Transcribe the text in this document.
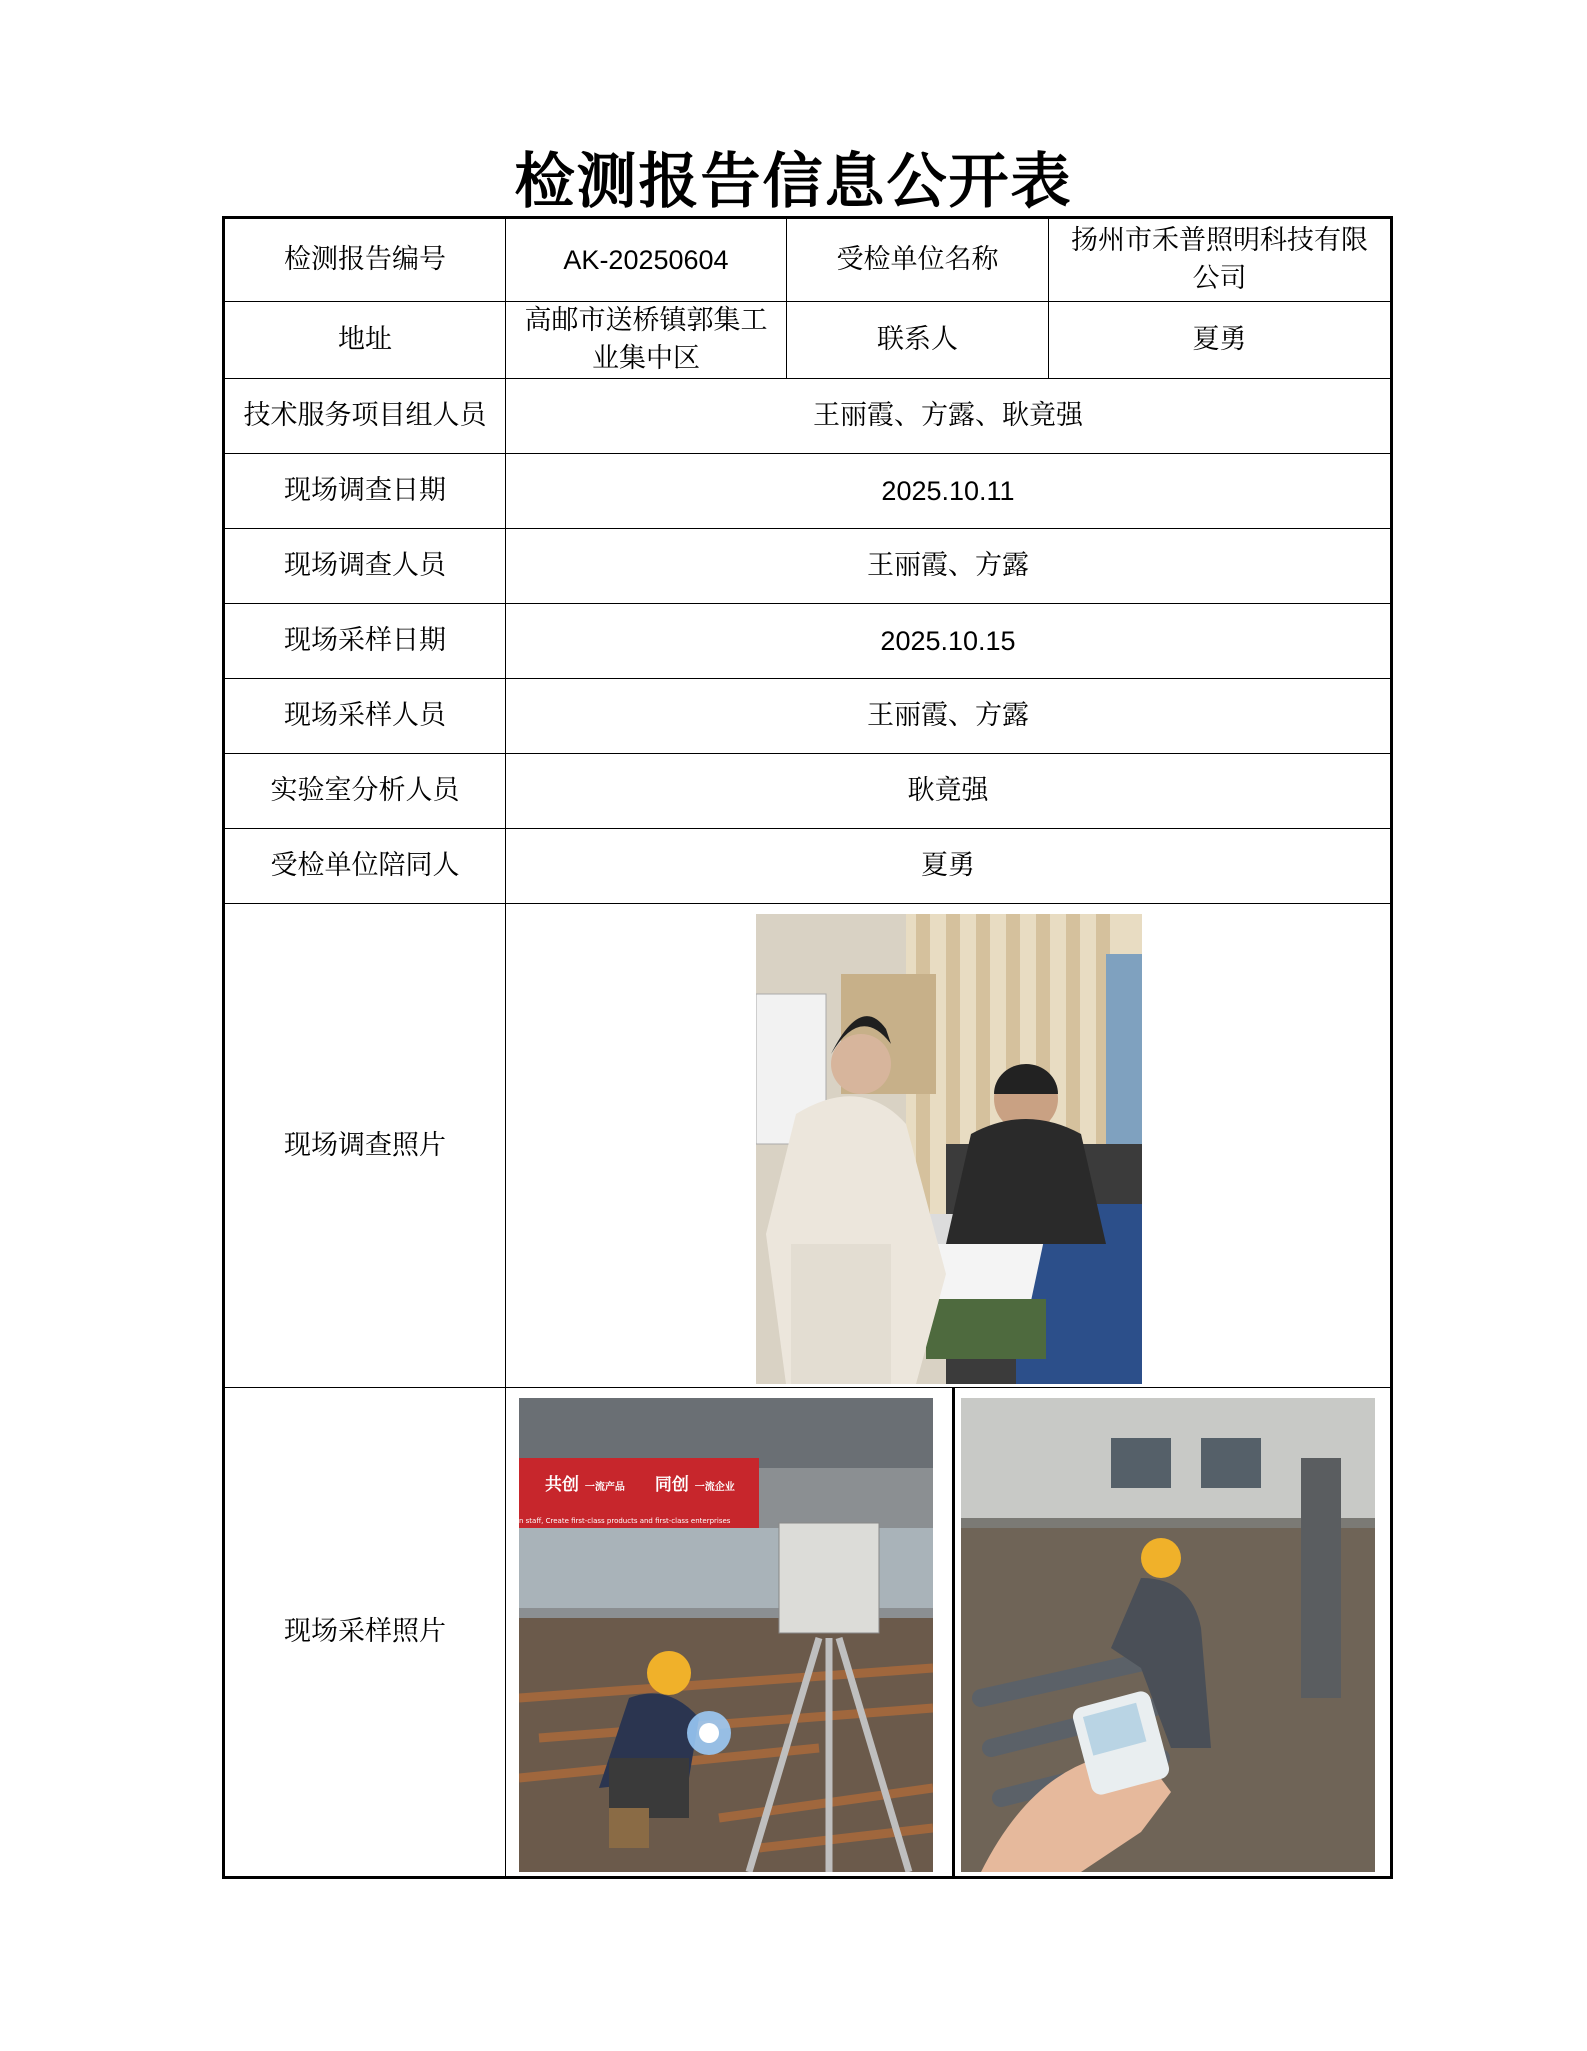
检测报告信息公开表
检测报告编号	AK-20250604	受检单位名称	扬州市禾普照明科技有限公司
地址	高邮市送桥镇郭集工业集中区	联系人	夏勇
技术服务项目组人员	王丽霞、方露、耿竟强		
现场调查日期	2025.10.11		
现场调查人员	王丽霞、方露		
现场采样日期	2025.10.15		
现场采样人员	王丽霞、方露		
实验室分析人员	耿竟强		
受检单位陪同人	夏勇		
现场调查照片	

现场采样照片	共创 一流产品 同创 一流企业
n staff, Create first-class products and first-class enterprises		
